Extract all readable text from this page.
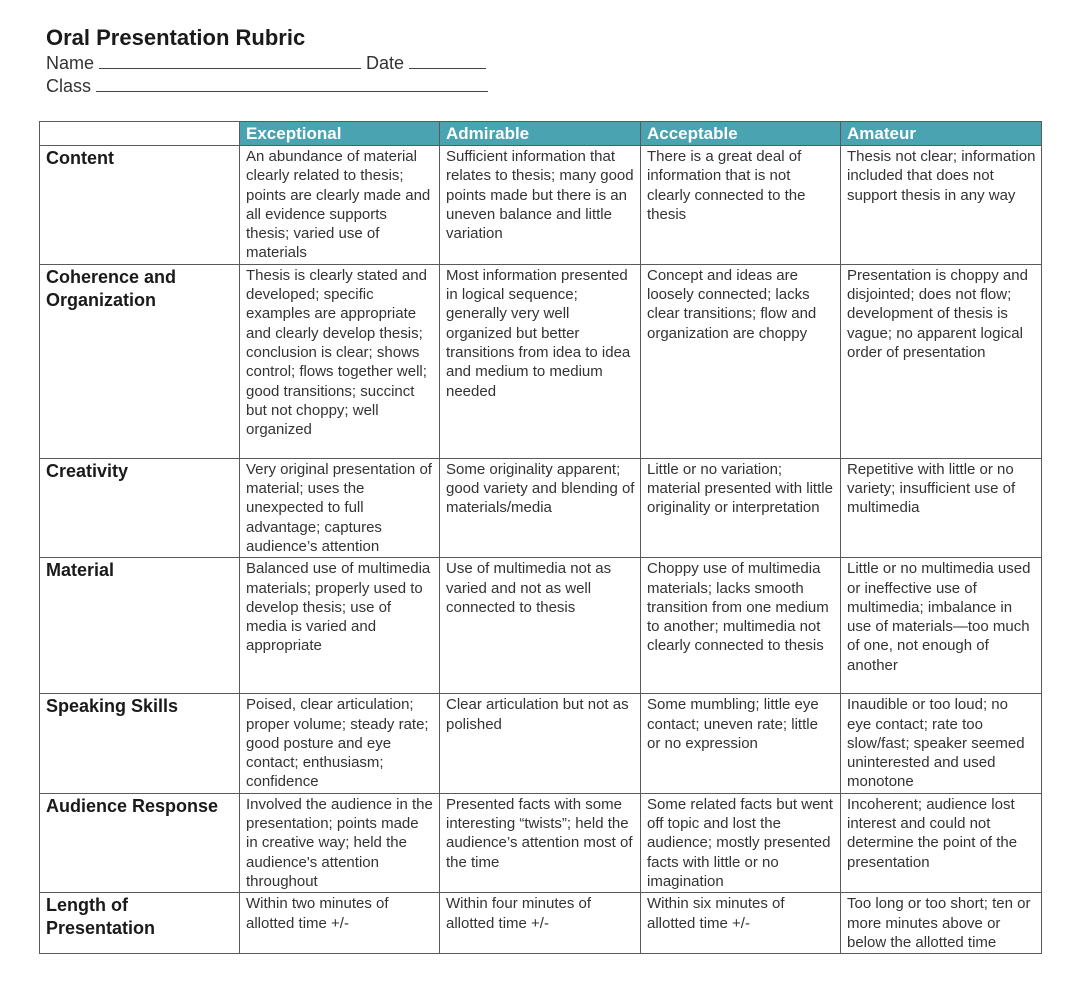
Oral Presentation Rubric
Name	Date
Class
	Exceptional	Admirable	Acceptable	Amateur
Content	An abundance of material clearly related to thesis; points are clearly made and all evidence supports thesis; varied use of materials	Sufficient information that relates to thesis; many good points made but there is an uneven balance and little variation	There is a great deal of information that is not clearly connected to the thesis	Thesis not clear; information included that does not support thesis in any way
Coherence and Organization	Thesis is clearly stated and developed; specific examples are appropriate and clearly develop thesis; conclusion is clear; shows control; flows together well; good transitions; succinct but not choppy; well organized	Most information presented in logical sequence; generally very well organized but better transitions from idea to idea and medium to medium needed	Concept and ideas are loosely connected; lacks clear transitions; flow and organization are choppy	Presentation is choppy and disjointed; does not flow; development of thesis is vague; no apparent logical order of presentation
Creativity	Very original presentation of material; uses the unexpected to full advantage; captures audience’s attention	Some originality apparent; good variety and blending of materials/media	Little or no variation; material presented with little originality or interpretation	Repetitive with little or no variety; insufficient use of multimedia
Material	Balanced use of multimedia materials; properly used to develop thesis; use of media is varied and appropriate	Use of multimedia not as varied and not as well connected to thesis	Choppy use of multimedia materials; lacks smooth transition from one medium to another; multimedia not clearly connected to thesis	Little or no multimedia used or ineffective use of multimedia; imbalance in use of materials—too much of one, not enough of another
Speaking Skills	Poised, clear articulation; proper volume; steady rate; good posture and eye contact; enthusiasm; confidence	Clear articulation but not as polished	Some mumbling; little eye contact; uneven rate; little or no expression	Inaudible or too loud; no eye contact; rate too slow/fast; speaker seemed uninterested and used monotone
Audience Response	Involved the audience in the presentation; points made in creative way; held the audience's attention throughout	Presented facts with some interesting “twists”; held the audience’s attention most of the time	Some related facts but went off topic and lost the audience; mostly presented facts with little or no imagination	Incoherent; audience lost interest and could not determine the point of the presentation
Length of Presentation	Within two minutes of allotted time +/-	Within four minutes of allotted time +/-	Within six minutes of allotted time +/-	Too long or too short; ten or more minutes above or below the allotted time
